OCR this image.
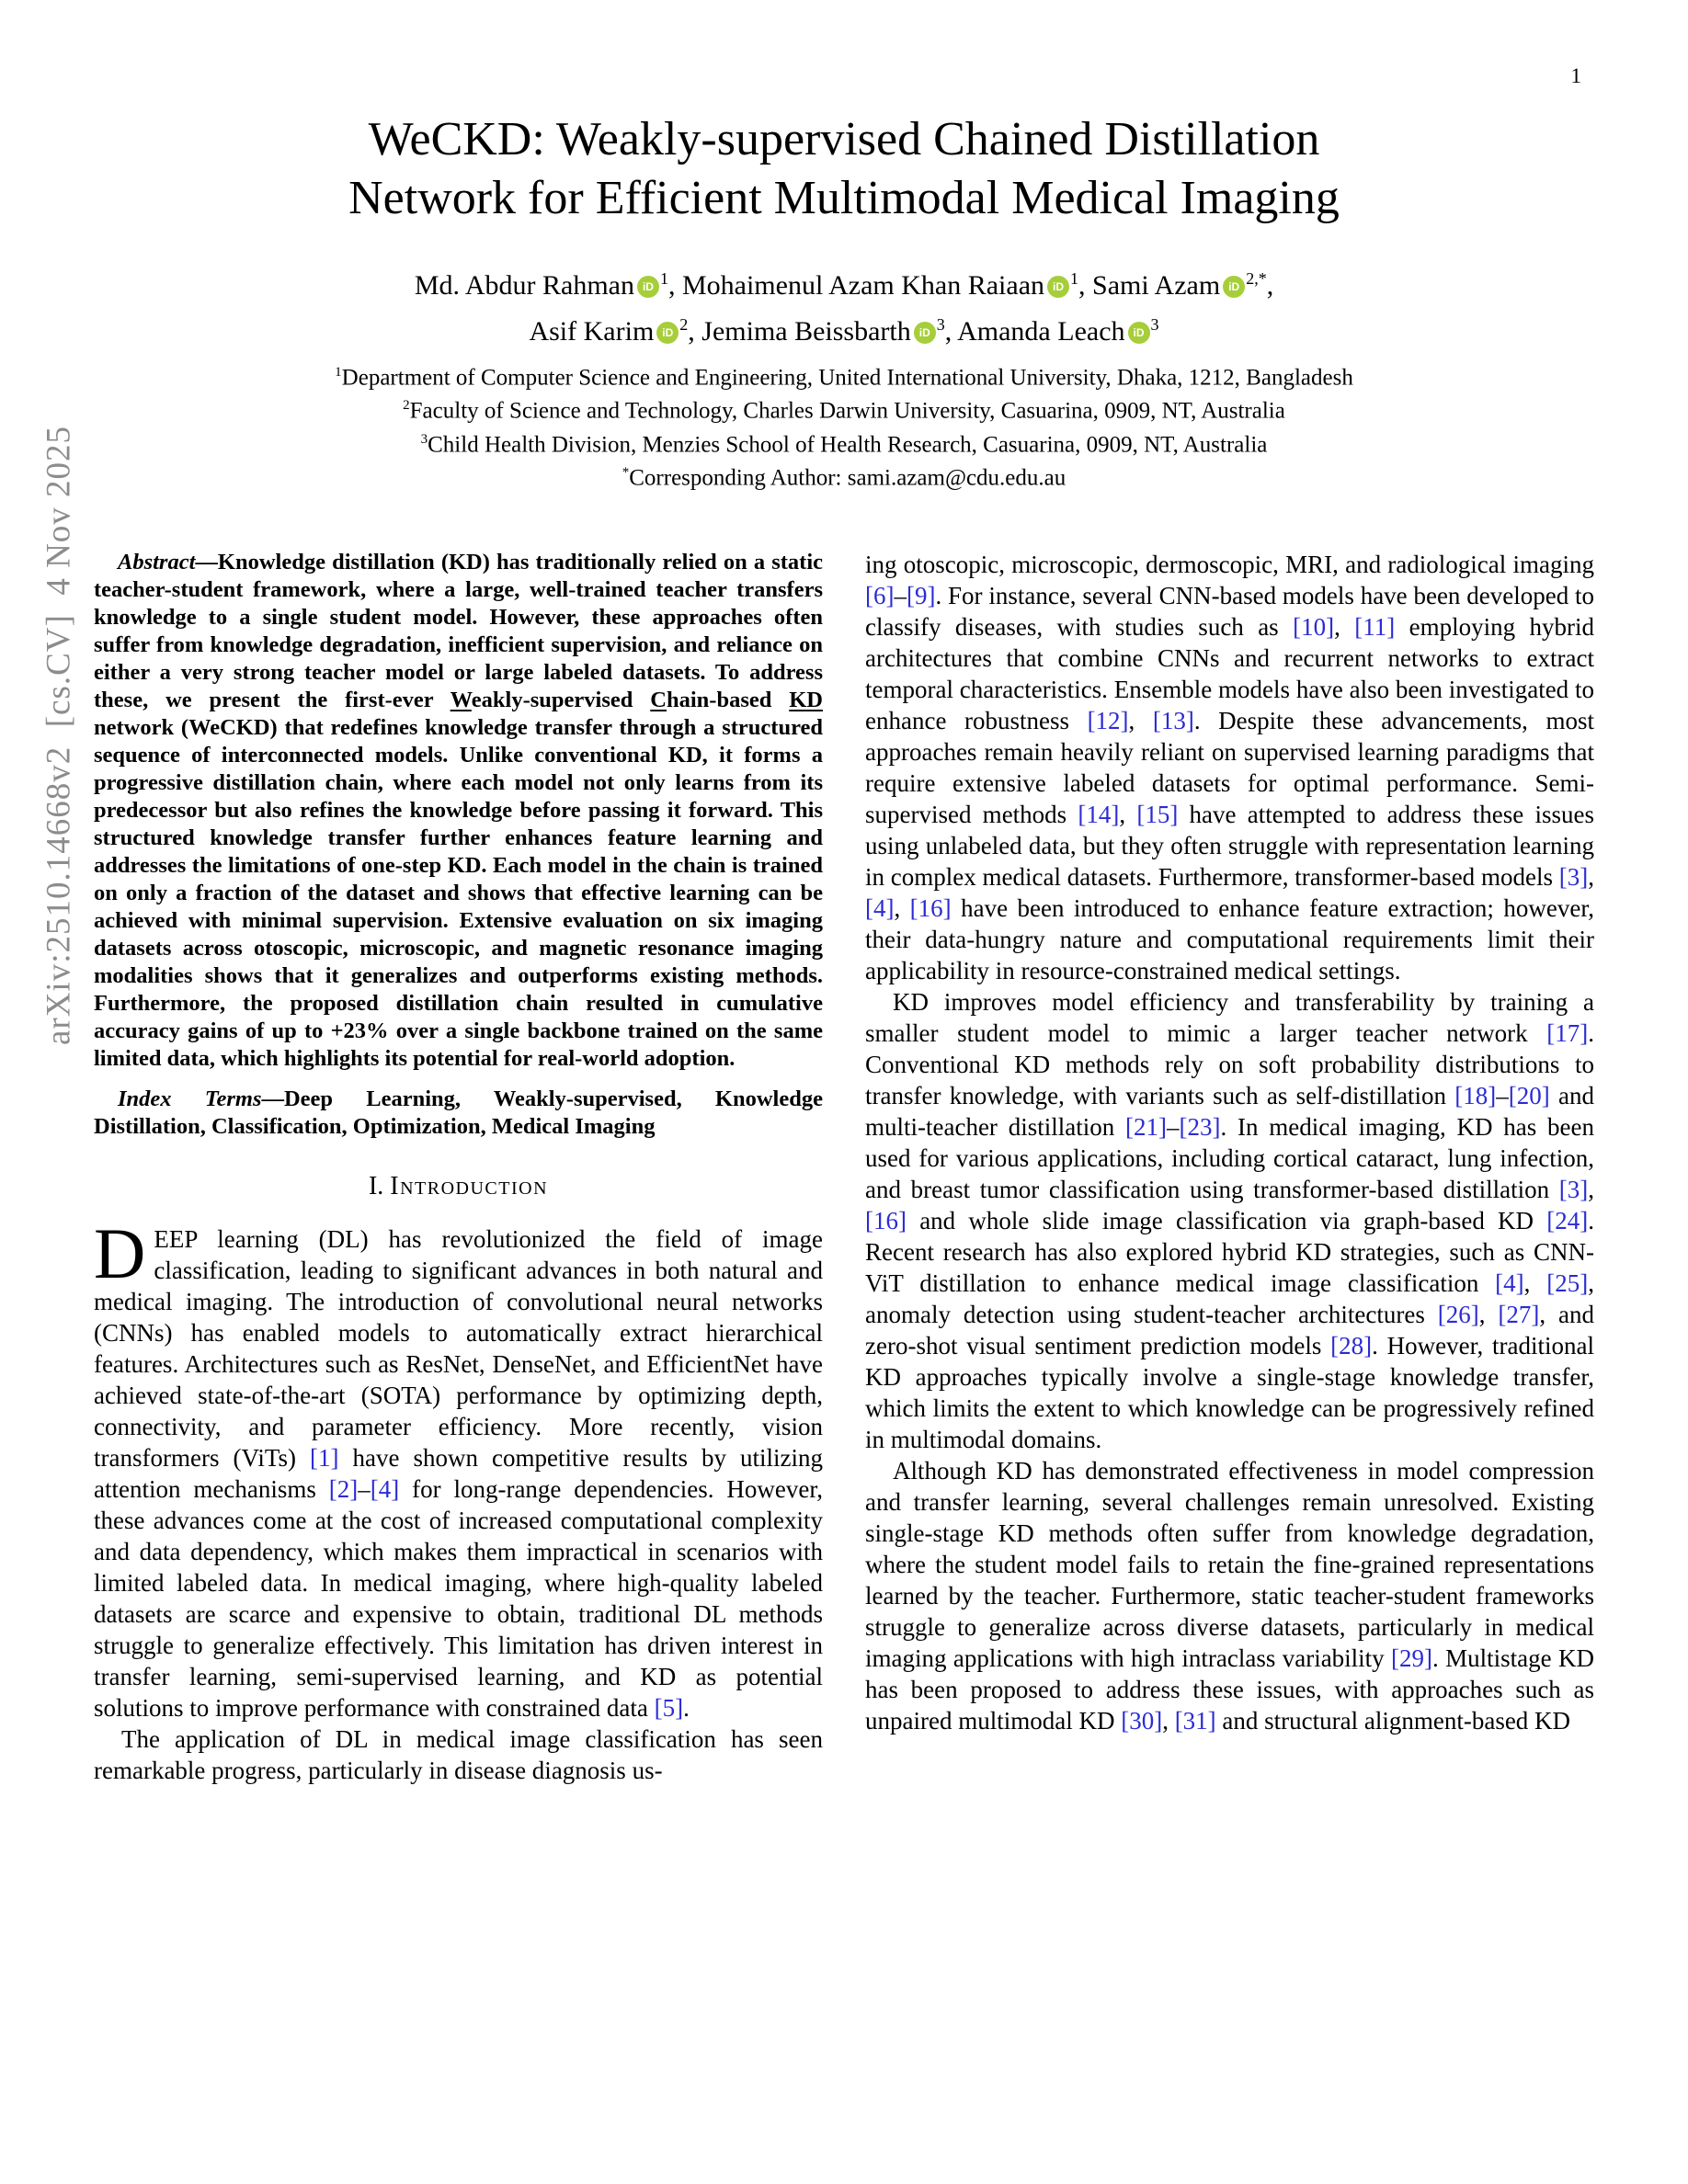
1
arXiv:2510.14668v2  [cs.CV]  4 Nov 2025
WeCKD: Weakly-supervised Chained Distillation
Network for Efficient Multimodal Medical Imaging
Md. Abdur Rahman iD $^1$, Mohaimenul Azam Khan Raiaan iD $^1$, Sami Azam iD $^{2,*}$,
Asif Karim iD $^2$, Jemima Beissbarth iD $^3$, Amanda Leach iD $^3$
$^1$Department of Computer Science and Engineering, United International University, Dhaka, 1212, Bangladesh
$^2$Faculty of Science and Technology, Charles Darwin University, Casuarina, 0909, NT, Australia
$^3$Child Health Division, Menzies School of Health Research, Casuarina, 0909, NT, Australia
*Corresponding Author: sami.azam@cdu.edu.au

Abstract—Knowledge distillation (KD) has traditionally relied on a static teacher-student framework, where a large, well-trained teacher transfers knowledge to a single student model. However, these approaches often suffer from knowledge degradation, inefficient supervision, and reliance on either a very strong teacher model or large labeled datasets. To address these, we present the first-ever Weakly-supervised Chain-based KD network (WeCKD) that redefines knowledge transfer through a structured sequence of interconnected models. Unlike conventional KD, it forms a progressive distillation chain, where each model not only learns from its predecessor but also refines the knowledge before passing it forward. This structured knowledge transfer further enhances feature learning and addresses the limitations of one-step KD. Each model in the chain is trained on only a fraction of the dataset and shows that effective learning can be achieved with minimal supervision. Extensive evaluation on six imaging datasets across otoscopic, microscopic, and magnetic resonance imaging modalities shows that it generalizes and outperforms existing methods. Furthermore, the proposed distillation chain resulted in cumulative accuracy gains of up to +23% over a single backbone trained on the same limited data, which highlights its potential for real-world adoption.

Index Terms—Deep Learning, Weakly-supervised, Knowledge Distillation, Classification, Optimization, Medical Imaging

I. Introduction

DEEP learning (DL) has revolutionized the field of image classification, leading to significant advances in both natural and medical imaging. The introduction of convolutional neural networks (CNNs) has enabled models to automatically extract hierarchical features. Architectures such as ResNet, DenseNet, and EfficientNet have achieved state-of-the-art (SOTA) performance by optimizing depth, connectivity, and parameter efficiency. More recently, vision transformers (ViTs) [1] have shown competitive results by utilizing attention mechanisms [2]–[4] for long-range dependencies. However, these advances come at the cost of increased computational complexity and data dependency, which makes them impractical in scenarios with limited labeled data. In medical imaging, where high-quality labeled datasets are scarce and expensive to obtain, traditional DL methods struggle to generalize effectively. This limitation has driven interest in transfer learning, semi-supervised learning, and KD as potential solutions to improve performance with constrained data [5].

The application of DL in medical image classification has seen remarkable progress, particularly in disease diagnosis us-

ing otoscopic, microscopic, dermoscopic, MRI, and radiological imaging [6]–[9]. For instance, several CNN-based models have been developed to classify diseases, with studies such as [10], [11] employing hybrid architectures that combine CNNs and recurrent networks to extract temporal characteristics. Ensemble models have also been investigated to enhance robustness [12], [13]. Despite these advancements, most approaches remain heavily reliant on supervised learning paradigms that require extensive labeled datasets for optimal performance. Semi-supervised methods [14], [15] have attempted to address these issues using unlabeled data, but they often struggle with representation learning in complex medical datasets. Furthermore, transformer-based models [3], [4], [16] have been introduced to enhance feature extraction; however, their data-hungry nature and computational requirements limit their applicability in resource-constrained medical settings.

KD improves model efficiency and transferability by training a smaller student model to mimic a larger teacher network [17]. Conventional KD methods rely on soft probability distributions to transfer knowledge, with variants such as self-distillation [18]–[20] and multi-teacher distillation [21]–[23]. In medical imaging, KD has been used for various applications, including cortical cataract, lung infection, and breast tumor classification using transformer-based distillation [3], [16] and whole slide image classification via graph-based KD [24]. Recent research has also explored hybrid KD strategies, such as CNN-ViT distillation to enhance medical image classification [4], [25], anomaly detection using student-teacher architectures [26], [27], and zero-shot visual sentiment prediction models [28]. However, traditional KD approaches typically involve a single-stage knowledge transfer, which limits the extent to which knowledge can be progressively refined in multimodal domains.

Although KD has demonstrated effectiveness in model compression and transfer learning, several challenges remain unresolved. Existing single-stage KD methods often suffer from knowledge degradation, where the student model fails to retain the fine-grained representations learned by the teacher. Furthermore, static teacher-student frameworks struggle to generalize across diverse datasets, particularly in medical imaging applications with high intraclass variability [29]. Multistage KD has been proposed to address these issues, with approaches such as unpaired multimodal KD [30], [31] and structural alignment-based KD
